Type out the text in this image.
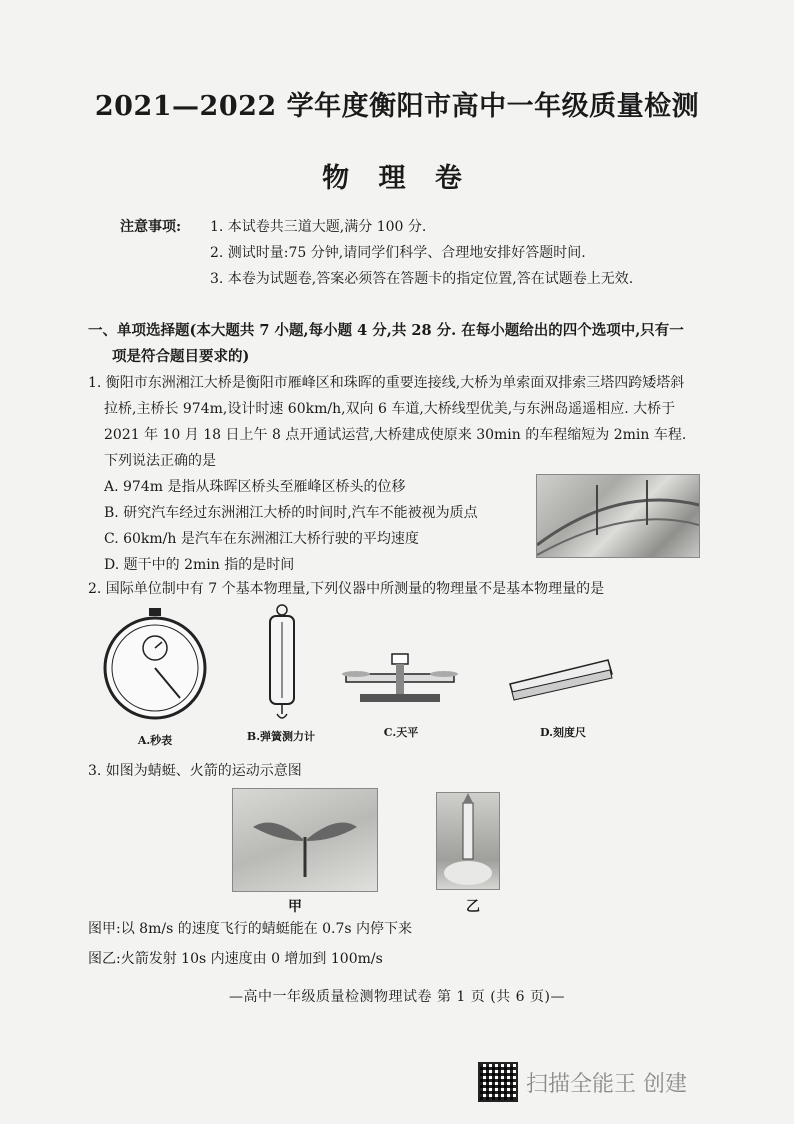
2021—2022 学年度衡阳市高中一年级质量检测
物 理 卷
注意事项:	1. 本试卷共三道大题,满分 100 分.
2. 测试时量:75 分钟,请同学们科学、合理地安排好答题时间.
3. 本卷为试题卷,答案必须答在答题卡的指定位置,答在试题卷上无效.
一、单项选择题(本大题共 7 小题,每小题 4 分,共 28 分. 在每小题给出的四个选项中,只有一
项是符合题目要求的)
1. 衡阳市东洲湘江大桥是衡阳市雁峰区和珠晖的重要连接线,大桥为单索面双排索三塔四跨矮塔斜拉桥,主桥长 974m,设计时速 60km/h,双向 6 车道,大桥线型优美,与东洲岛遥遥相应. 大桥于 2021 年 10 月 18 日上午 8 点开通试运营,大桥建成使原来 30min 的车程缩短为 2min 车程. 下列说法正确的是
A. 974m 是指从珠晖区桥头至雁峰区桥头的位移
B. 研究汽车经过东洲湘江大桥的时间时,汽车不能被视为质点
C. 60km/h 是汽车在东洲湘江大桥行驶的平均速度
D. 题干中的 2min 指的是时间
2. 国际单位制中有 7 个基本物理量,下列仪器中所测量的物理量不是基本物理量的是
A.秒表	B.弹簧测力计	C.天平	D.刻度尺
3. 如图为蜻蜓、火箭的运动示意图
甲	乙
图甲:以 8m/s 的速度飞行的蜻蜓能在 0.7s 内停下来
图乙:火箭发射 10s 内速度由 0 增加到 100m/s
—高中一年级质量检测物理试卷 第 1 页 (共 6 页)—
扫描全能王 创建
